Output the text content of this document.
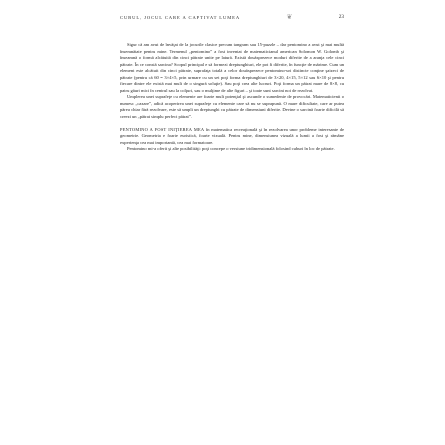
CUBUL, JOCUL CARE A CAPTIVAT LUMEA	❦	23

Sigur că am avut de învăţat de la jocurile clasice precum tangram sau 15-puzzle – dar pentomino a avut şi mai multă însemnătate pentru mine. Termenul „pentomino” a fost inventat de matematicianul american Solomon W. Golomb şi înseamnă o formă alcătuită din cinci pătrate unite pe latură. Există douăsprezece moduri diferite de a aranja cele cinci pătrate. În ce constă sarcina? Scopul principal e să formezi dreptunghiuri, ele pot fi diferite, în funcţie de mărime. Cum un element este alcătuit din cinci pătrate, suprafaţa totală a celor douăsprezece pentomino-uri distincte conţine şaizeci de pătrate (pentru că 60 = 3×4×5, prin urmare cu un set poţi forma dreptunghiuri de 3×20, 4×15, 5×12 sau 6×10 şi pentru fiecare dintre ele există mai mult de o singură soluţie). Sau poţi crea alte lucruri. Poţi forma un pătrat mare de 8×8, cu patru găuri mici în centrul sau la colţuri, sau o mulţime de alte figuri – şi toate sunt sarcini noi de rezolvat.

Umplerea unei suprafeţe cu elemente are foarte mult potenţial şi ascunde o sumedenie de provocări. Matematicienii o numesc „cazare”, adică acoperirea unei suprafeţe cu elemente care să nu se suprapună. O mare dificultate, care ar putea părea chiar fără rezolvare, este să umpli un dreptunghi cu pătrate de dimensiuni diferite. Devine o sarcină foarte dificilă să creezi un „pătrat simplu perfect pătrat”.

PENTOMINO A FOST INIŢIEREA MEA în matematica recreaţională şi în rezolvarea unor probleme interesante de geometrie. Geometria e foarte euristică, foarte vizuală. Pentru mine, dimensiunea vizuală a lumii a fost şi rămâne experienţa cea mai importantă, cea mai formatoare.

Pentomino mi-a oferit şi alte posibilităţi: poţi concepe o versiune tridimensională folosind cuburi în loc de pătrate.
